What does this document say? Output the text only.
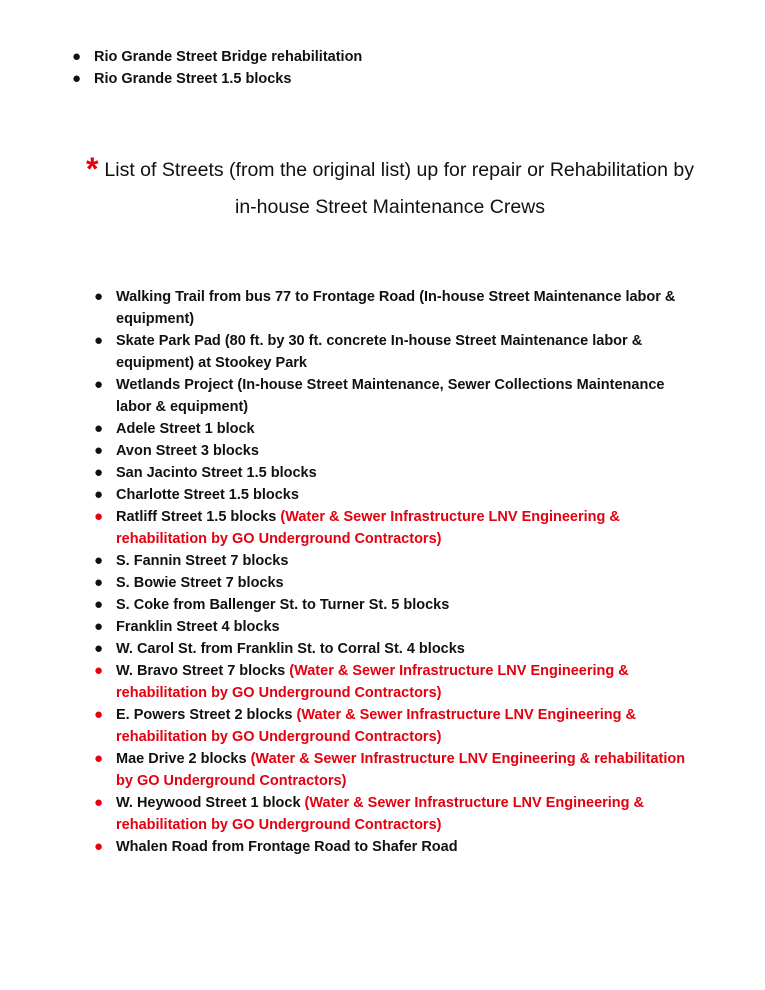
● Rio Grande Street Bridge rehabilitation
● Rio Grande Street 1.5 blocks
* List of Streets (from the original list) up for repair or Rehabilitation by
in-house Street Maintenance Crews
● Walking Trail from bus 77 to Frontage Road (In-house Street Maintenance labor & equipment)
● Skate Park Pad (80 ft. by 30 ft. concrete In-house Street Maintenance labor & equipment) at Stookey Park
● Wetlands Project (In-house Street Maintenance, Sewer Collections Maintenance labor & equipment)
● Adele Street 1 block
● Avon Street 3 blocks
● San Jacinto Street 1.5 blocks
● Charlotte Street 1.5 blocks
● Ratliff Street 1.5 blocks (Water & Sewer Infrastructure LNV Engineering & rehabilitation by GO Underground Contractors)
● S. Fannin Street 7 blocks
● S. Bowie Street 7 blocks
● S. Coke from Ballenger St. to Turner St. 5 blocks
● Franklin Street 4 blocks
● W. Carol St. from Franklin St. to Corral St. 4 blocks
● W. Bravo Street 7 blocks (Water & Sewer Infrastructure LNV Engineering & rehabilitation by GO Underground Contractors)
● E. Powers Street 2 blocks (Water & Sewer Infrastructure LNV Engineering & rehabilitation by GO Underground Contractors)
● Mae Drive 2 blocks (Water & Sewer Infrastructure LNV Engineering & rehabilitation by GO Underground Contractors)
● W. Heywood Street 1 block (Water & Sewer Infrastructure LNV Engineering & rehabilitation by GO Underground Contractors)
● Whalen Road from Frontage Road to Shafer Road
